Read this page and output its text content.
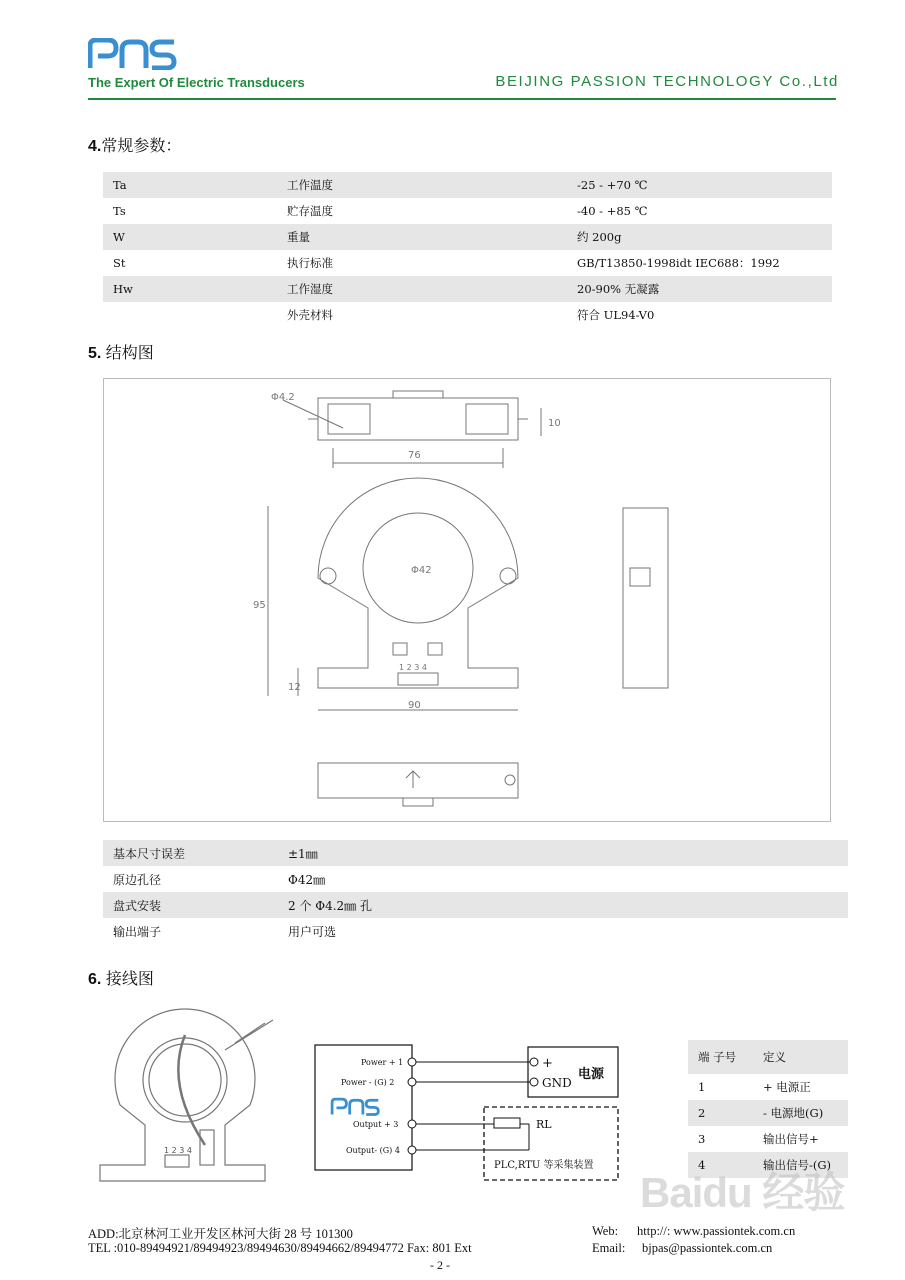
The Expert Of Electric Transducers	BEIJING PASSION TECHNOLOGY Co.,Ltd
4.常规参数：
Ta	工作温度	-25 - +70 ℃
Ts	贮存温度	-40 - +85 ℃
W	重量	约 200g
St	执行标准	GB/T13850-1998idt IEC688：1992
Hw	工作湿度	20-90% 无凝露
	外壳材料	符合 UL94-V0
5. 结构图
Φ4.2
76
10
Φ42
95
12
90
1 2 3 4
基本尺寸误差	±1㎜
原边孔径	Φ42㎜
盘式安装	2 个 Φ4.2㎜ 孔
输出端子	用户可选
6. 接线图
1 2 3 4
Power + 1
Power - (G) 2
Output + 3
Output- (G) 4
+
GND
电源
RL
PLC,RTU 等采集装置
端 子号	定义
1	+ 电源正
2	- 电源地(G)
3	输出信号+
4	输出信号-(G)
Baidu 经验
ADD:北京林河工业开发区林河大街 28 号 101300
TEL :010-89494921/89494923/89494630/89494662/89494772 Fax: 801 Ext
Web: http://: www.passiontek.com.cn
Email: bjpas@passiontek.com.cn
- 2 -
